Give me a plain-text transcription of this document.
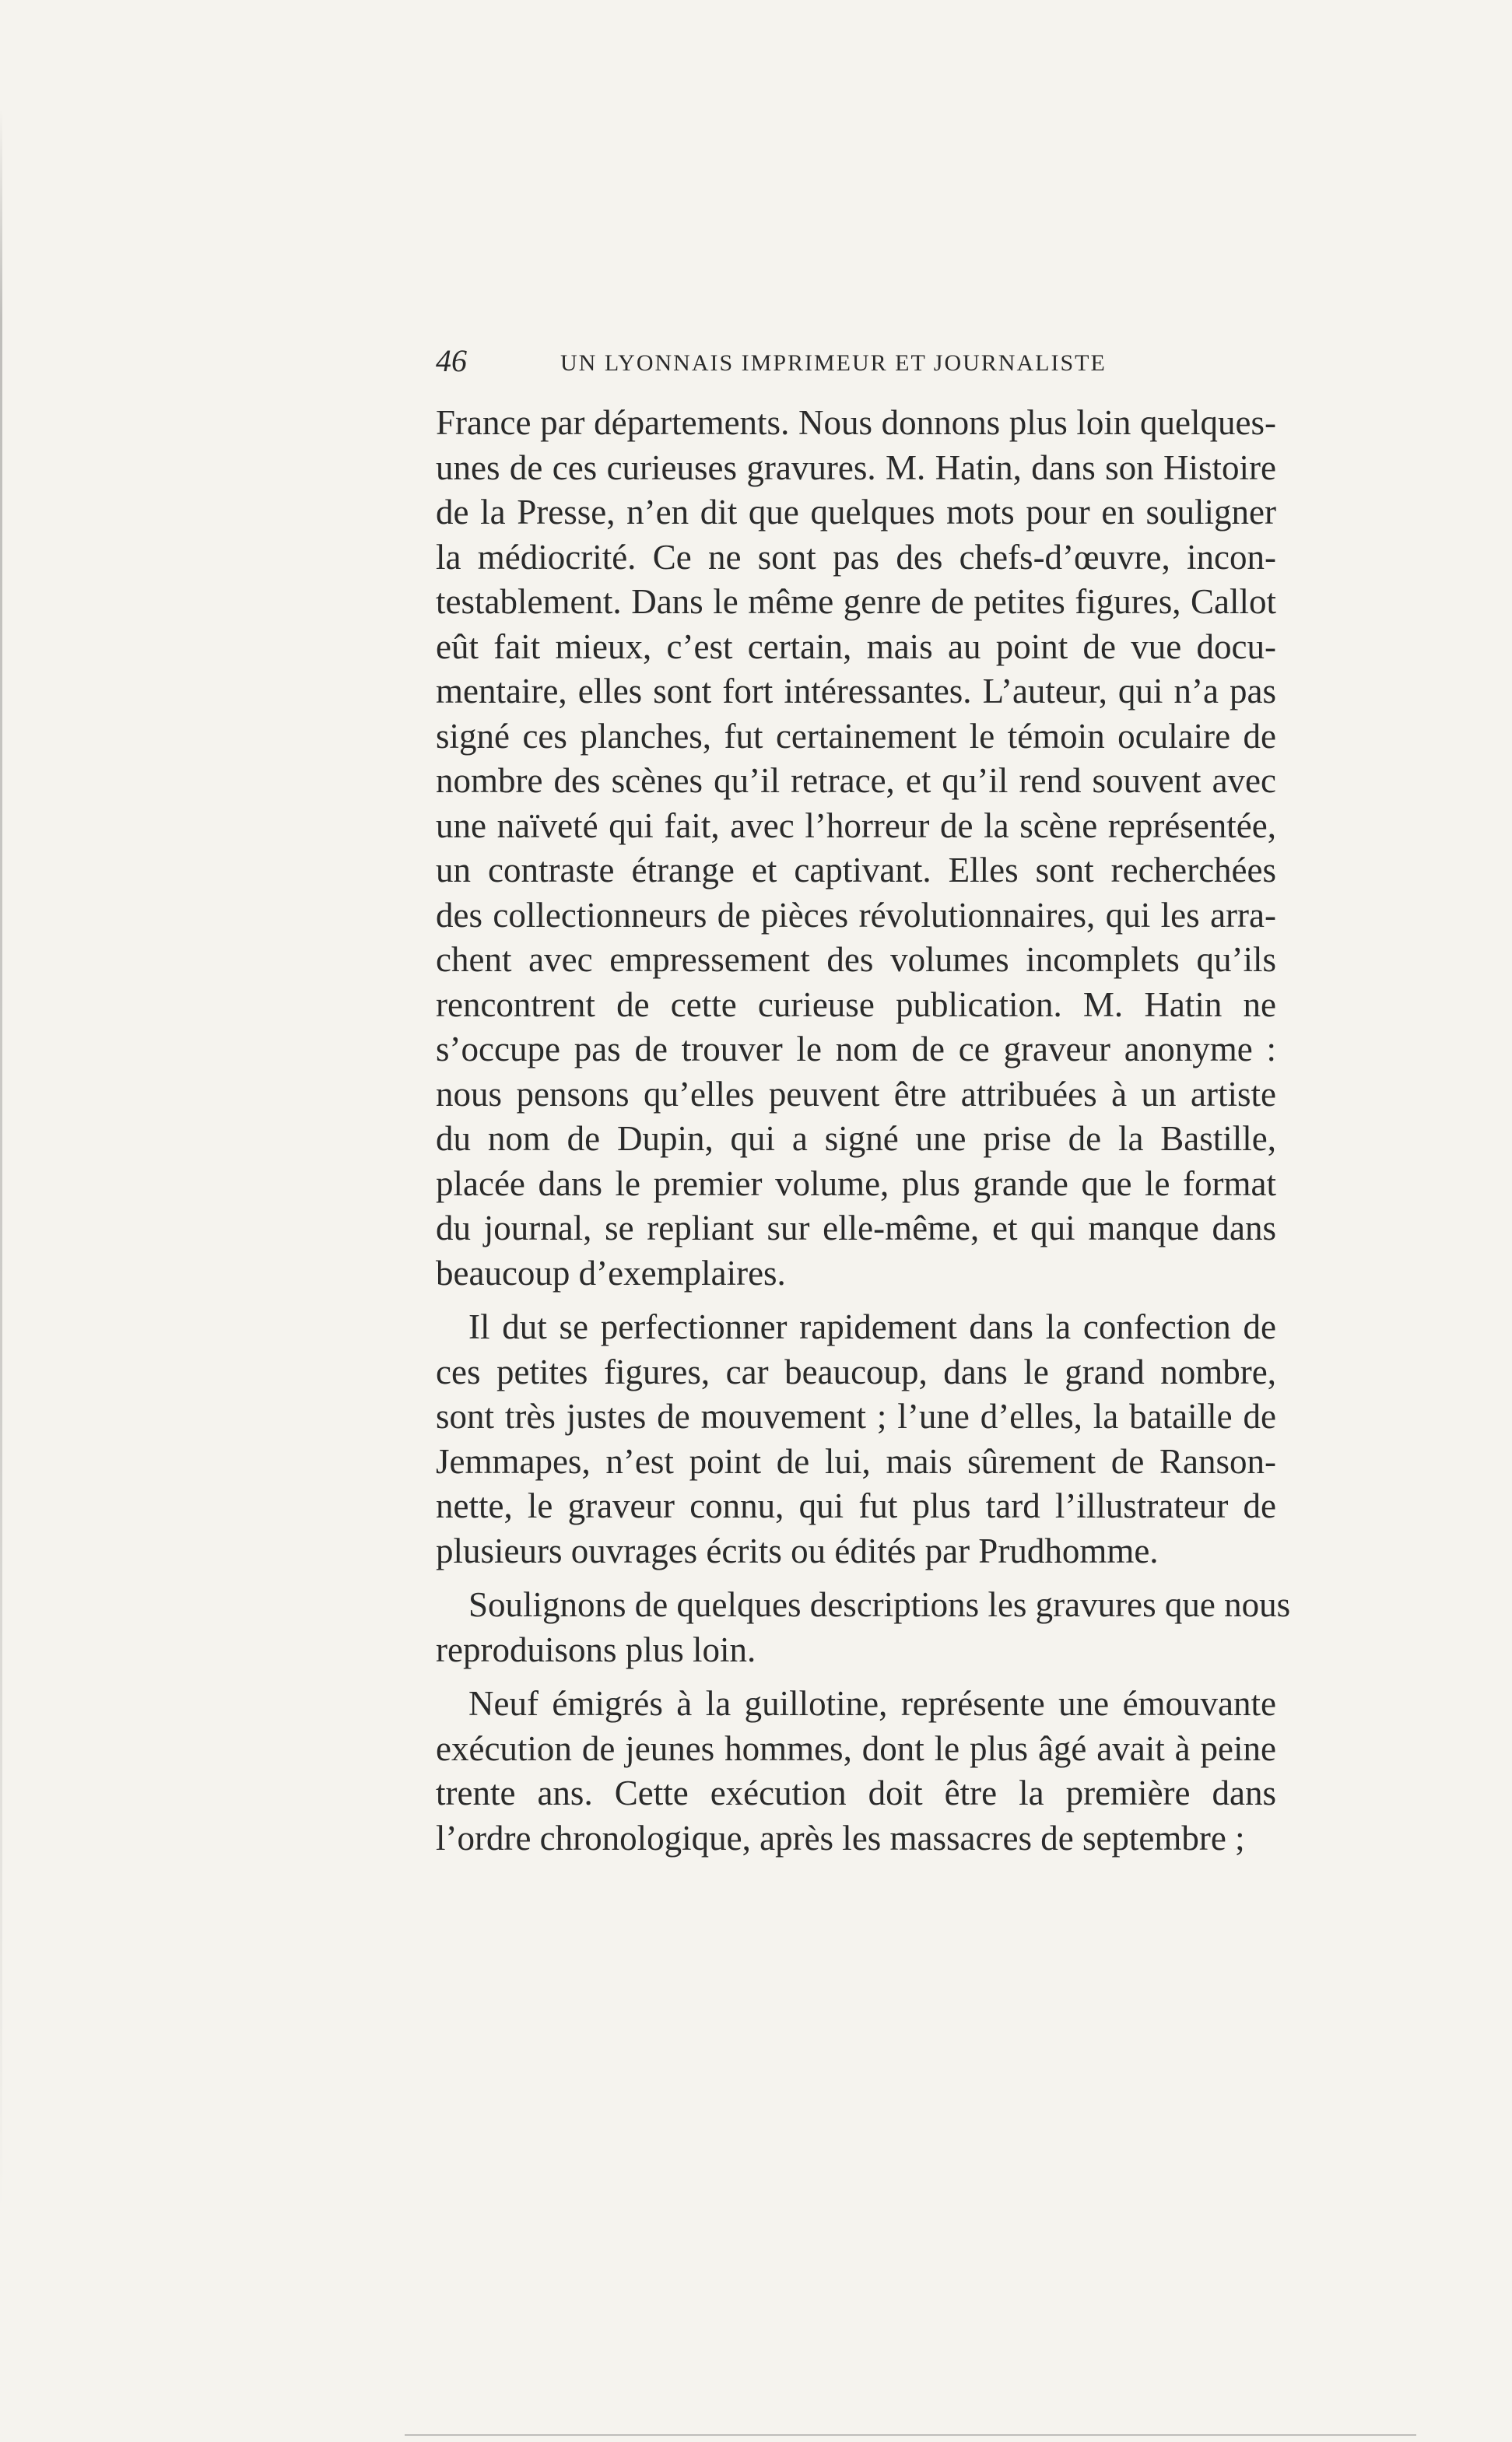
46	UN LYONNAIS IMPRIMEUR ET JOURNALISTE

France par départements. Nous donnons plus loin quelques-
unes de ces curieuses gravures. M. Hatin, dans son Histoire
de la Presse, n’en dit que quelques mots pour en souligner
la médiocrité. Ce ne sont pas des chefs-d’œuvre, incon-
testablement. Dans le même genre de petites figures, Callot
eût fait mieux, c’est certain, mais au point de vue docu-
mentaire, elles sont fort intéressantes. L’auteur, qui n’a pas
signé ces planches, fut certainement le témoin oculaire de
nombre des scènes qu’il retrace, et qu’il rend souvent avec
une naïveté qui fait, avec l’horreur de la scène représentée,
un contraste étrange et captivant. Elles sont recherchées
des collectionneurs de pièces révolutionnaires, qui les arra-
chent avec empressement des volumes incomplets qu’ils
rencontrent de cette curieuse publication. M. Hatin ne
s’occupe pas de trouver le nom de ce graveur anonyme :
nous pensons qu’elles peuvent être attribuées à un artiste
du nom de Dupin, qui a signé une prise de la Bastille,
placée dans le premier volume, plus grande que le format
du journal, se repliant sur elle-même, et qui manque dans
beaucoup d’exemplaires.

Il dut se perfectionner rapidement dans la confection de
ces petites figures, car beaucoup, dans le grand nombre,
sont très justes de mouvement ; l’une d’elles, la bataille de
Jemmapes, n’est point de lui, mais sûrement de Ranson-
nette, le graveur connu, qui fut plus tard l’illustrateur de
plusieurs ouvrages écrits ou édités par Prudhomme.

Soulignons de quelques descriptions les gravures que nous
reproduisons plus loin.

Neuf émigrés à la guillotine, représente une émouvante
exécution de jeunes hommes, dont le plus âgé avait à peine
trente ans. Cette exécution doit être la première dans
l’ordre chronologique, après les massacres de septembre ;
